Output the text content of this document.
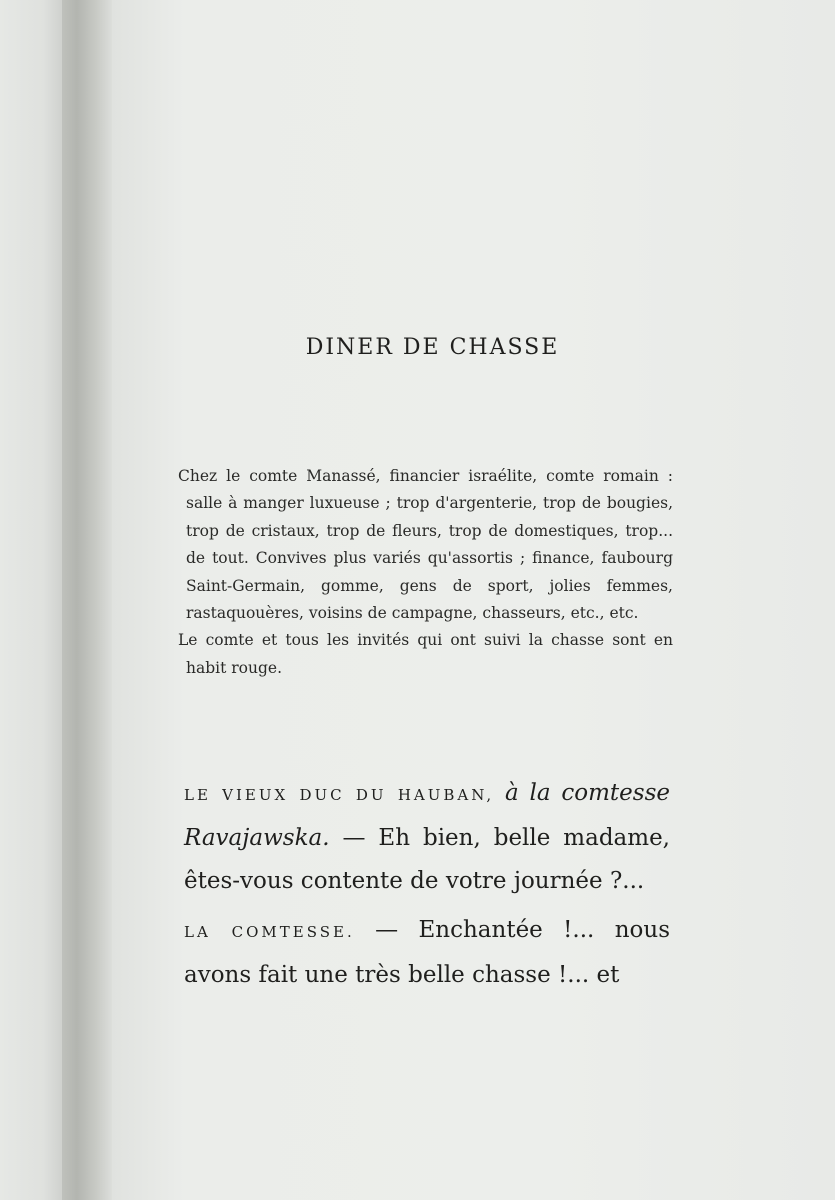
DINER DE CHASSE

Chez le comte Manassé, financier israélite, comte romain : salle à manger luxueuse ; trop d'argenterie, trop de bougies, trop de cristaux, trop de fleurs, trop de domestiques, trop... de tout. Convives plus variés qu'assortis ; finance, faubourg Saint-Germain, gomme, gens de sport, jolies femmes, rastaquouères, voisins de campagne, chasseurs, etc., etc.

Le comte et tous les invités qui ont suivi la chasse sont en habit rouge.

LE VIEUX DUC DU HAUBAN, à la comtesse Ravajawska. — Eh bien, belle madame, êtes-vous contente de votre journée ?...

LA COMTESSE. — Enchantée !... nous avons fait une très belle chasse !... et
